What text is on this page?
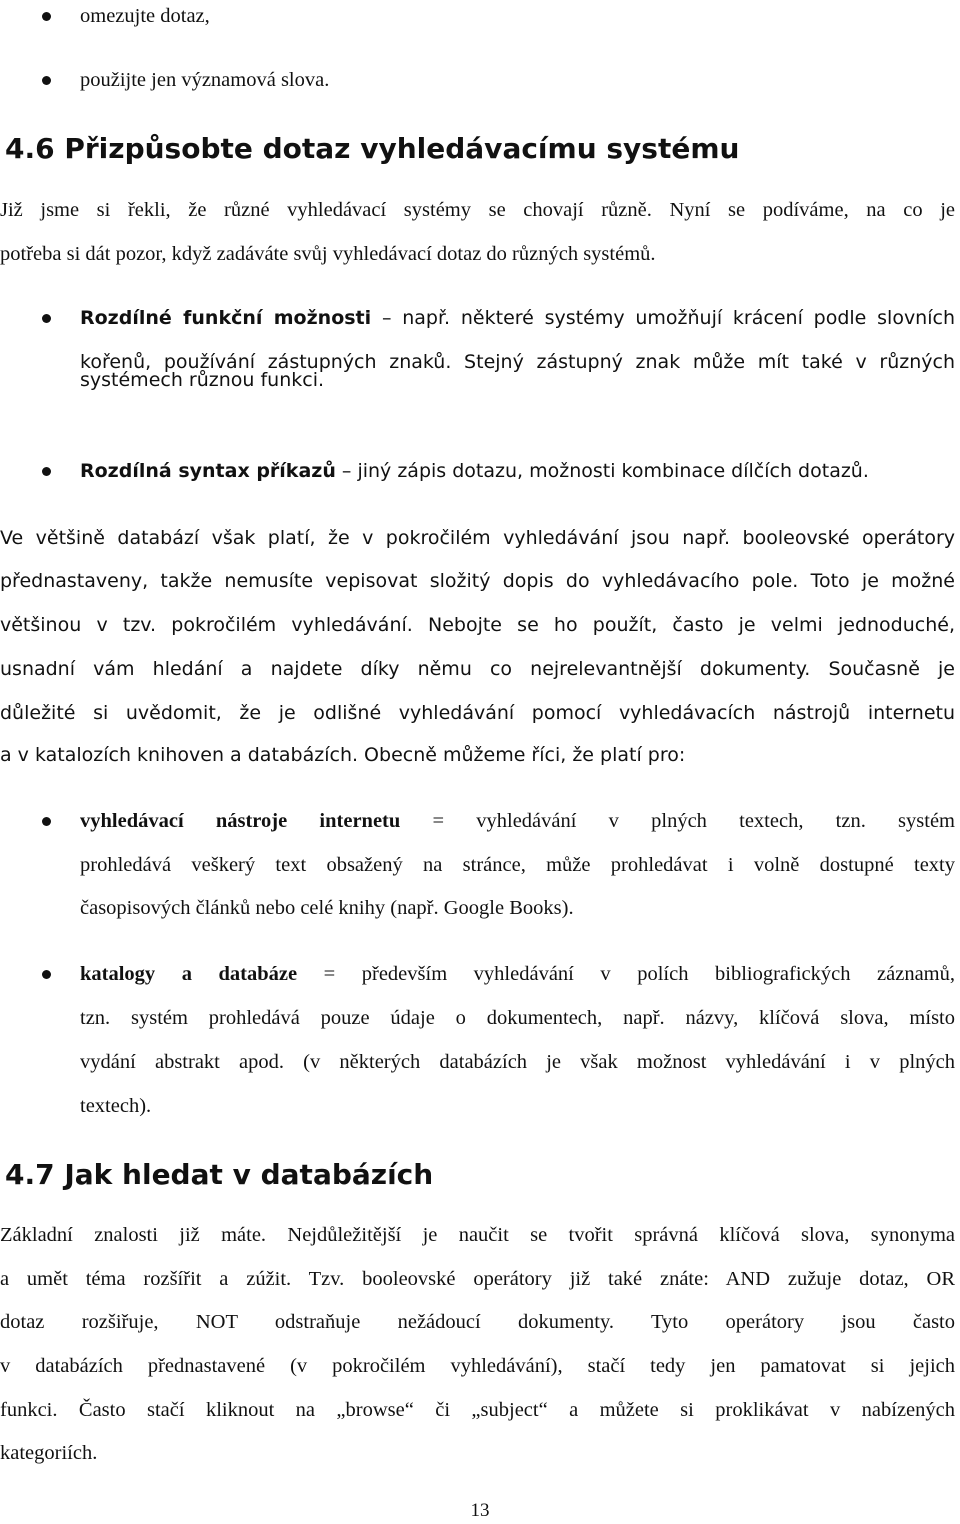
omezujte dotaz,
použijte jen významová slova.
4.6 Přizpůsobte dotaz vyhledávacímu systému
Již jsme si řekli, že různé vyhledávací systémy se chovají různě. Nyní se podíváme, na co je
potřeba si dát pozor, když zadáváte svůj vyhledávací dotaz do různých systémů.
Rozdílné funkční možnosti – např. některé systémy umožňují krácení podle slovních
kořenů, používání zástupných znaků. Stejný zástupný znak může mít také v různých
systémech různou funkci.
Rozdílná syntax příkazů – jiný zápis dotazu, možnosti kombinace dílčích dotazů.
Ve většině databází však platí, že v pokročilém vyhledávání jsou např. booleovské operátory
přednastaveny, takže nemusíte vepisovat složitý dopis do vyhledávacího pole. Toto je možné
většinou v tzv. pokročilém vyhledávání. Nebojte se ho použít, často je velmi jednoduché,
usnadní vám hledání a najdete díky němu co nejrelevantnější dokumenty. Současně je
důležité si uvědomit, že je odlišné vyhledávání pomocí vyhledávacích nástrojů internetu
a v katalozích knihoven a databázích. Obecně můžeme říci, že platí pro:
vyhledávací nástroje internetu = vyhledávání v plných textech, tzn. systém
prohledává veškerý text obsažený na stránce, může prohledávat i volně dostupné texty
časopisových článků nebo celé knihy (např. Google Books).
katalogy a databáze = především vyhledávání v polích bibliografických záznamů,
tzn. systém prohledává pouze údaje o dokumentech, např. názvy, klíčová slova, místo
vydání abstrakt apod. (v některých databázích je však možnost vyhledávání i v plných
textech).
4.7 Jak hledat v databázích
Základní znalosti již máte. Nejdůležitější je naučit se tvořit správná klíčová slova, synonyma
a umět téma rozšířit a zúžit. Tzv. booleovské operátory již také znáte: AND zužuje dotaz, OR
dotaz rozšiřuje, NOT odstraňuje nežádoucí dokumenty. Tyto operátory jsou často
v databázích přednastavené (v pokročilém vyhledávání), stačí tedy jen pamatovat si jejich
funkci. Často stačí kliknout na „browse“ či „subject“ a můžete si proklikávat v nabízených
kategoriích.
13
